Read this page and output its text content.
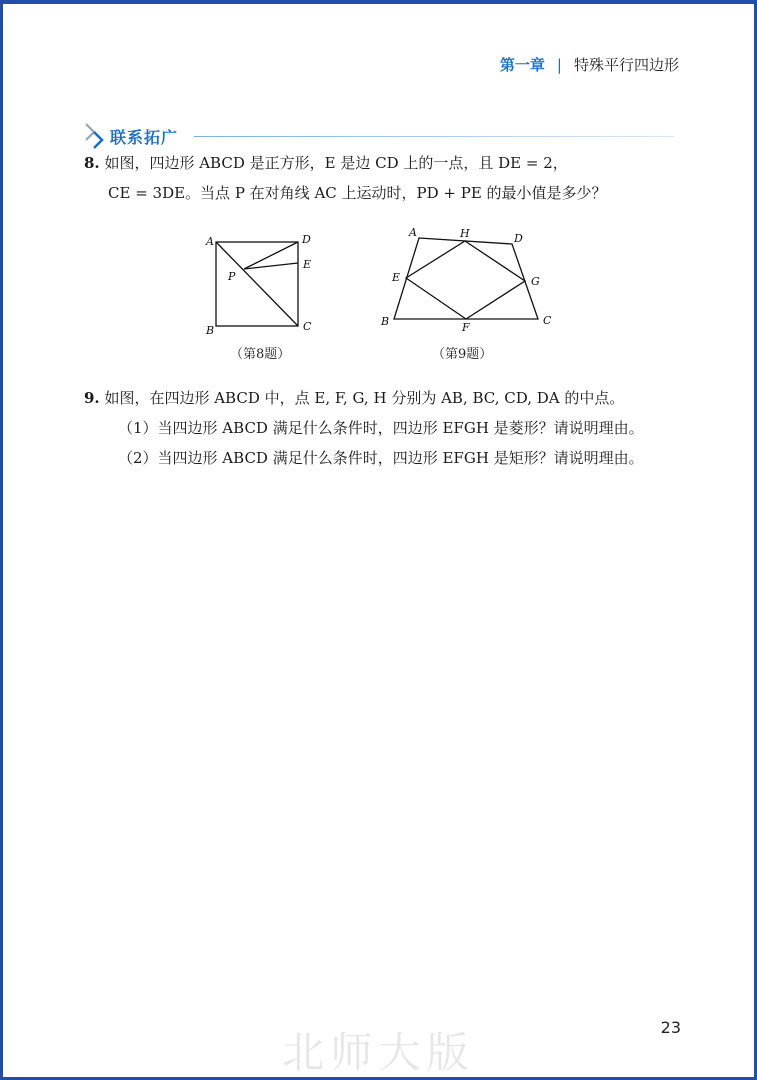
第一章 | 特殊平行四边形
联系拓广
8. 如图，四边形 ABCD 是正方形，E 是边 CD 上的一点，且 DE = 2，
CE = 3DE。当点 P 在对角线 AC 上运动时，PD + PE 的最小值是多少？
A	D
E
P
B	C
（第8题）
A	H	D
E	G
B	F
C
（第9题）
9. 如图，在四边形 ABCD 中，点 E, F, G, H 分别为 AB, BC, CD, DA 的中点。
（1）当四边形 ABCD 满足什么条件时，四边形 EFGH 是菱形？请说明理由。
（2）当四边形 ABCD 满足什么条件时，四边形 EFGH 是矩形？请说明理由。
23
北师大版
